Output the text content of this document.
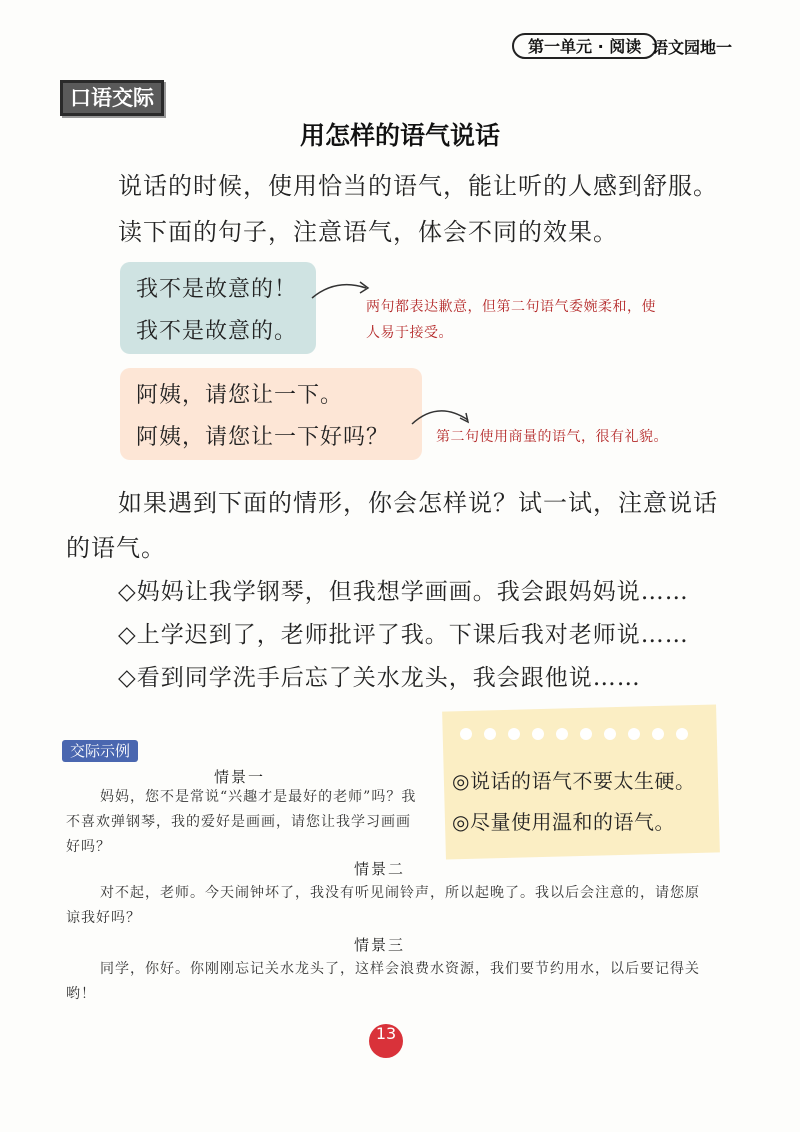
第一单元 · 阅读 语文园地一
口语交际
用怎样的语气说话
说话的时候，使用恰当的语气，能让听的人感到舒服。
读下面的句子，注意语气，体会不同的效果。
我不是故意的！
我不是故意的。
两句都表达歉意，但第二句语气委婉柔和，使人易于接受。
阿姨，请您让一下。
阿姨，请您让一下好吗？	第二句使用商量的语气，很有礼貌。
如果遇到下面的情形，你会怎样说？试一试，注意说话
的语气。
◇妈妈让我学钢琴，但我想学画画。我会跟妈妈说……
◇上学迟到了，老师批评了我。下课后我对老师说……
◇看到同学洗手后忘了关水龙头，我会跟他说……
◎说话的语气不要太生硬。
◎尽量使用温和的语气。
交际示例
情景一
妈妈，您不是常说“兴趣才是最好的老师”吗？我不喜欢弹钢琴，我的爱好是画画，请您让我学习画画好吗？
情景二
对不起，老师。今天闹钟坏了，我没有听见闹铃声，所以起晚了。我以后会注意的，请您原谅我好吗？
情景三
同学，你好。你刚刚忘记关水龙头了，这样会浪费水资源，我们要节约用水，以后要记得关哟！
13
